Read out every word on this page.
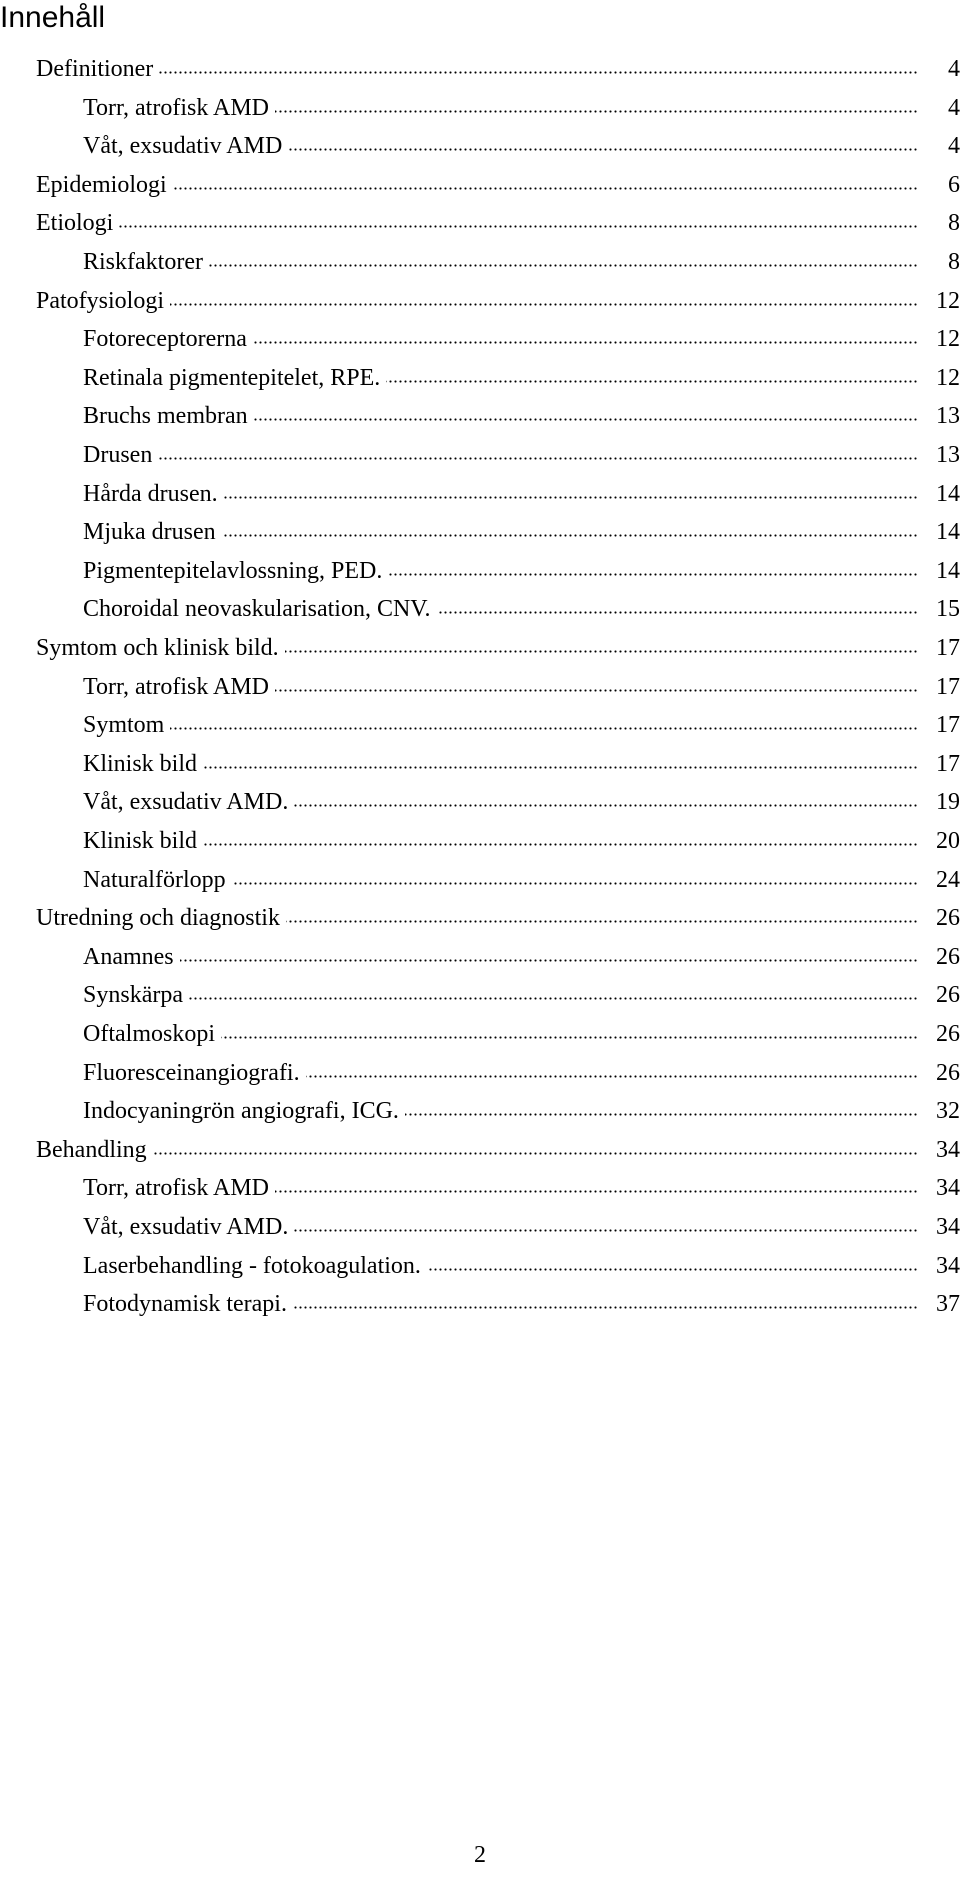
Innehåll
Definitioner	4
Torr, atrofisk AMD	4
Våt, exsudativ AMD	4
Epidemiologi	6
Etiologi	8
Riskfaktorer	8
Patofysiologi	12
Fotoreceptorerna	12
Retinala pigmentepitelet, RPE.	12
Bruchs membran	13
Drusen	13
Hårda drusen.	14
Mjuka drusen	14
Pigmentepitelavlossning, PED.	14
Choroidal neovaskularisation, CNV.	15
Symtom och klinisk bild.	17
Torr, atrofisk AMD	17
Symtom	17
Klinisk bild	17
Våt, exsudativ AMD.	19
Klinisk bild	20
Naturalförlopp	24
Utredning och diagnostik	26
Anamnes	26
Synskärpa	26
Oftalmoskopi	26
Fluoresceinangiografi.	26
Indocyaningrön angiografi, ICG.	32
Behandling	34
Torr, atrofisk AMD	34
Våt, exsudativ AMD.	34
Laserbehandling - fotokoagulation.	34
Fotodynamisk terapi.	37
2
